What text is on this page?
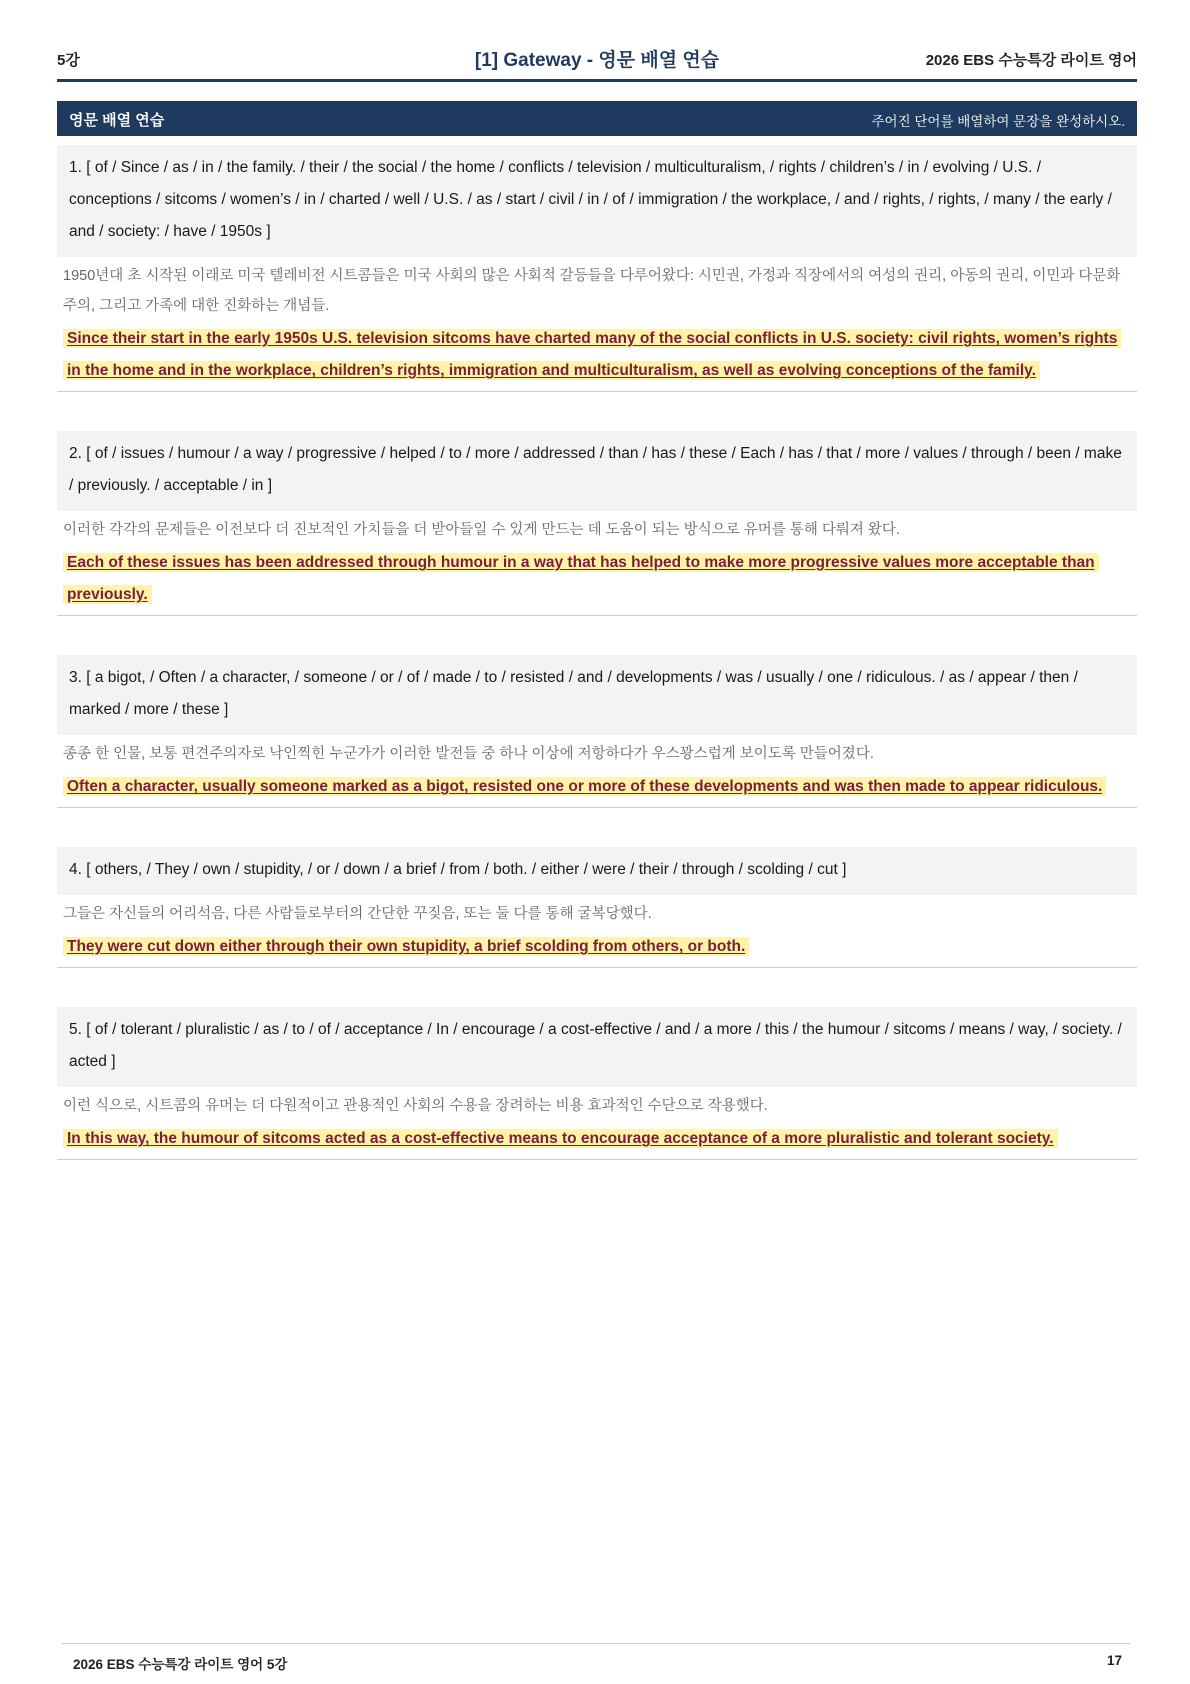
5강	[1] Gateway - 영문 배열 연습	2026 EBS 수능특강 라이트 영어
영문 배열 연습	주어진 단어를 배열하여 문장을 완성하시오.
1. [ of / Since / as / in / the family. / their / the social / the home / conflicts / television / multiculturalism, / rights / children’s / in / evolving / U.S. / conceptions / sitcoms / women’s / in / charted / well / U.S. / as / start / civil / in / of / immigration / the workplace, / and / rights, / rights, / many / the early / and / society: / have / 1950s ]
1950년대 초 시작된 이래로 미국 텔레비전 시트콤들은 미국 사회의 많은 사회적 갈등들을 다루어왔다: 시민권, 가정과 직장에서의 여성의 권리, 아동의 권리, 이민과 다문화주의, 그리고 가족에 대한 진화하는 개념들.
Since their start in the early 1950s U.S. television sitcoms have charted many of the social conflicts in U.S. society: civil rights, women’s rights in the home and in the workplace, children’s rights, immigration and multiculturalism, as well as evolving conceptions of the family.
2. [ of / issues / humour / a way / progressive / helped / to / more / addressed / than / has / these / Each / has / that / more / values / through / been / make / previously. / acceptable / in ]
이러한 각각의 문제들은 이전보다 더 진보적인 가치들을 더 받아들일 수 있게 만드는 데 도움이 되는 방식으로 유머를 통해 다뤄져 왔다.
Each of these issues has been addressed through humour in a way that has helped to make more progressive values more acceptable than previously.
3. [ a bigot, / Often / a character, / someone / or / of / made / to / resisted / and / developments / was / usually / one / ridiculous. / as / appear / then / marked / more / these ]
종종 한 인물, 보통 편견주의자로 낙인찍힌 누군가가 이러한 발전들 중 하나 이상에 저항하다가 우스꽝스럽게 보이도록 만들어졌다.
Often a character, usually someone marked as a bigot, resisted one or more of these developments and was then made to appear ridiculous.
4. [ others, / They / own / stupidity, / or / down / a brief / from / both. / either / were / their / through / scolding / cut ]
그들은 자신들의 어리석음, 다른 사람들로부터의 간단한 꾸짖음, 또는 둘 다를 통해 굴복당했다.
They were cut down either through their own stupidity, a brief scolding from others, or both.
5. [ of / tolerant / pluralistic / as / to / of / acceptance / In / encourage / a cost-effective / and / a more / this / the humour / sitcoms / means / way, / society. / acted ]
이런 식으로, 시트콤의 유머는 더 다원적이고 관용적인 사회의 수용을 장려하는 비용 효과적인 수단으로 작용했다.
In this way, the humour of sitcoms acted as a cost-effective means to encourage acceptance of a more pluralistic and tolerant society.
2026 EBS 수능특강 라이트 영어 5강	17
